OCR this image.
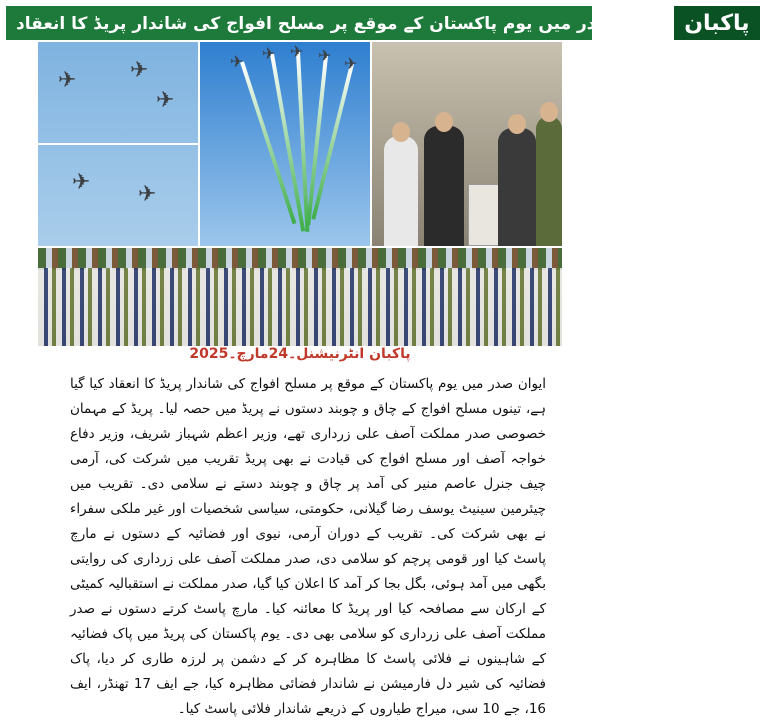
پاکبان
ایوان صدر میں یوم پاکستان کے موقع پر مسلح افواج کی شاندار پریڈ کا انعقاد
✈ ✈
✈
✈ ✈
✈ ✈ ✈ ✈ ✈
پاکبان انٹرنیشنل۔24مارچ۔2025
ایوان صدر میں یوم پاکستان کے موقع پر مسلح افواج کی شاندار پریڈ کا انعقاد کیا گیا ہے، تینوں مسلح افواج کے چاق و چوبند دستوں نے پریڈ میں حصہ لیا۔ پریڈ کے مہمان خصوصی صدر مملکت آصف علی زرداری تھے، وزیر اعظم شہباز شریف، وزیر دفاع خواجہ آصف اور مسلح افواج کی قیادت نے بھی پریڈ تقریب میں شرکت کی، آرمی چیف جنرل عاصم منیر کی آمد پر چاق و چوبند دستے نے سلامی دی۔ تقریب میں چیئرمین سینیٹ یوسف رضا گیلانی، حکومتی، سیاسی شخصیات اور غیر ملکی سفراء نے بھی شرکت کی۔ تقریب کے دوران آرمی، نیوی اور فضائیہ کے دستوں نے مارچ پاسٹ کیا اور قومی پرچم کو سلامی دی، صدر مملکت آصف علی زرداری کی روایتی بگھی میں آمد ہوئی، بگل بجا کر آمد کا اعلان کیا گیا، صدر مملکت نے استقبالیہ کمیٹی کے ارکان سے مصافحہ کیا اور پریڈ کا معائنہ کیا۔ مارچ پاسٹ کرتے دستوں نے صدر مملکت آصف علی زرداری کو سلامی بھی دی۔ یوم پاکستان کی پریڈ میں پاک فضائیہ کے شاہینوں نے فلائی پاسٹ کا مظاہرہ کر کے دشمن پر لرزہ طاری کر دیا، پاک فضائیہ کی شیر دل فارمیشن نے شاندار فضائی مظاہرہ کیا، جے ایف 17 تھنڈر، ایف 16، جے 10 سی، میراج طیاروں کے ذریعے شاندار فلائی پاسٹ کیا۔
